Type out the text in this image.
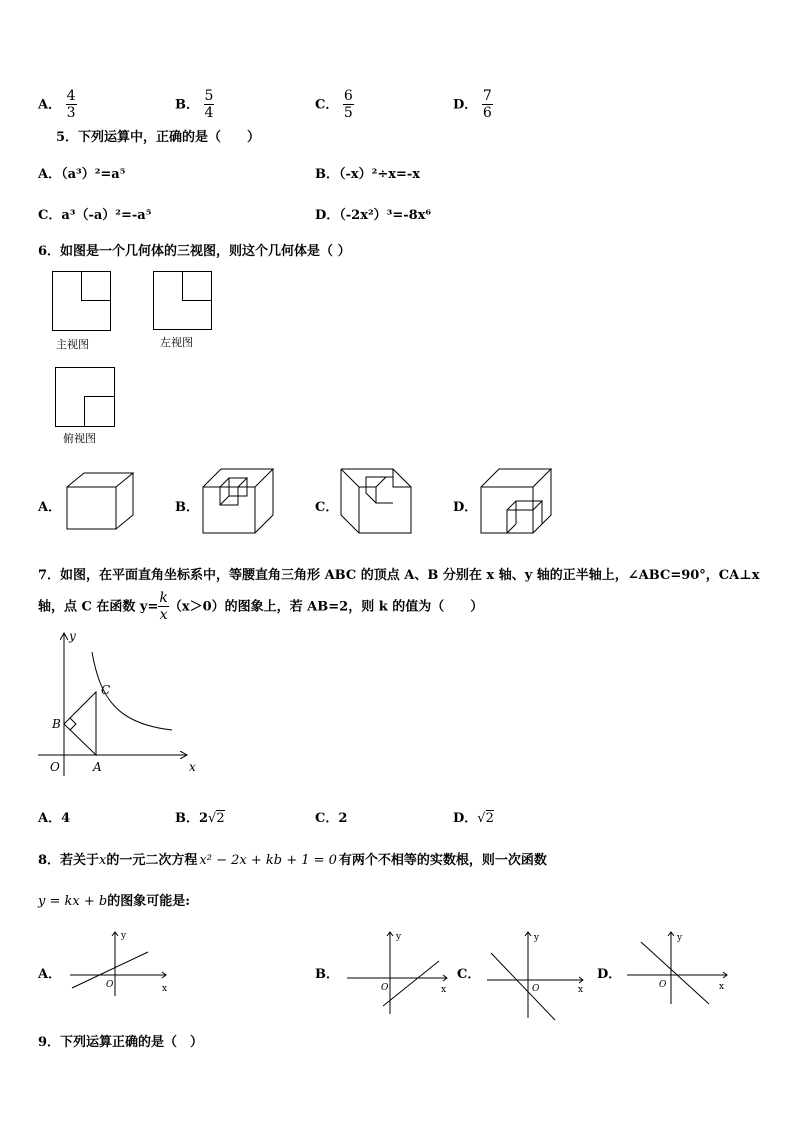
A． $\frac{4}{3}$	B． $\frac{5}{4}$	C． $\frac{6}{5}$	D． $\frac{7}{6}$
5．下列运算中，正确的是（　　）
A．（a³）²=a⁵	B．（-x）²÷x=-x
C．a³（-a）²=-a⁵	D．（-2x²）³=-8x⁶
6．如图是一个几何体的三视图，则这个几何体是（ ）
主视图	左视图
俯视图
A．	B．	C．	D．
7．如图，在平面直角坐标系中，等腰直角三角形 ABC 的顶点 A、B 分别在 x 轴、y 轴的正半轴上，∠ABC=90°，CA⊥x
轴，点 C 在函数 $y= \frac{k}{x} (x>0)$的图象上，若 AB=2，则 k 的值为（　　）
y
x
O	A
B
C
A．4	B．2√2	C．2	D．√2
8．若关于x的一元二次方程 x² − 2x + kb + 1 = 0 有两个不相等的实数根，则一次函数
y = kx + b的图象可能是:
A．
y
x
O
B．
y
x
O
C．
y
x
O
D．
y
x
O
9．下列运算正确的是（　）
